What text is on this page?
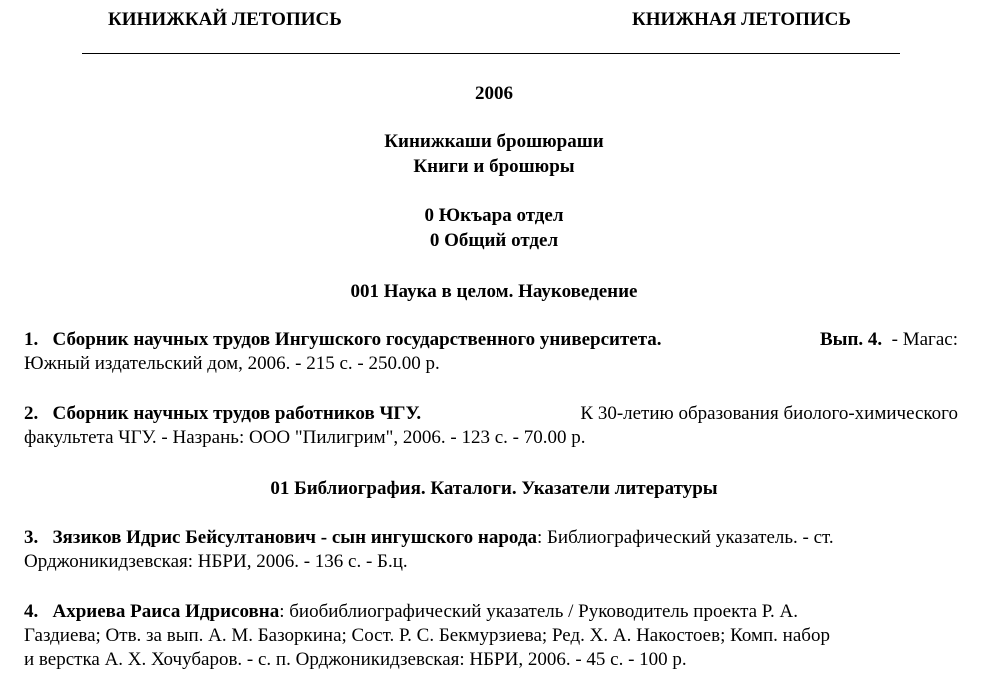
КИНИЖКАЙ ЛЕТОПИСЬ	КНИЖНАЯ ЛЕТОПИСЬ
2006
Кинижкаши брошюраши
Книги и брошюры
0 Юкъара отдел
0 Общий отдел
001 Наука в целом. Науковедение
1. Сборник научных трудов Ингушского государственного университета.	Вып. 4. - Магас:
Южный издательский дом, 2006. - 215 с. - 250.00 р.
2. Сборник научных трудов работников ЧГУ.	К 30-летию образования биолого-химического
факультета ЧГУ. - Назрань: ООО "Пилигрим", 2006. - 123 с. - 70.00 р.
01 Библиография. Каталоги. Указатели литературы
3. Зязиков Идрис Бейсултанович - сын ингушского народа: Библиографический указатель. - ст.
Орджоникидзевская: НБРИ, 2006. - 136 с. - Б.ц.
4. Ахриева Раиса Идрисовна: биобиблиографический указатель / Руководитель проекта Р. А.
Газдиева; Отв. за вып. А. М. Базоркина; Сост. Р. С. Бекмурзиева; Ред. Х. А. Накостоев; Комп. набор
и верстка А. Х. Хочубаров. - с. п. Орджоникидзевская: НБРИ, 2006. - 45 с. - 100 р.
